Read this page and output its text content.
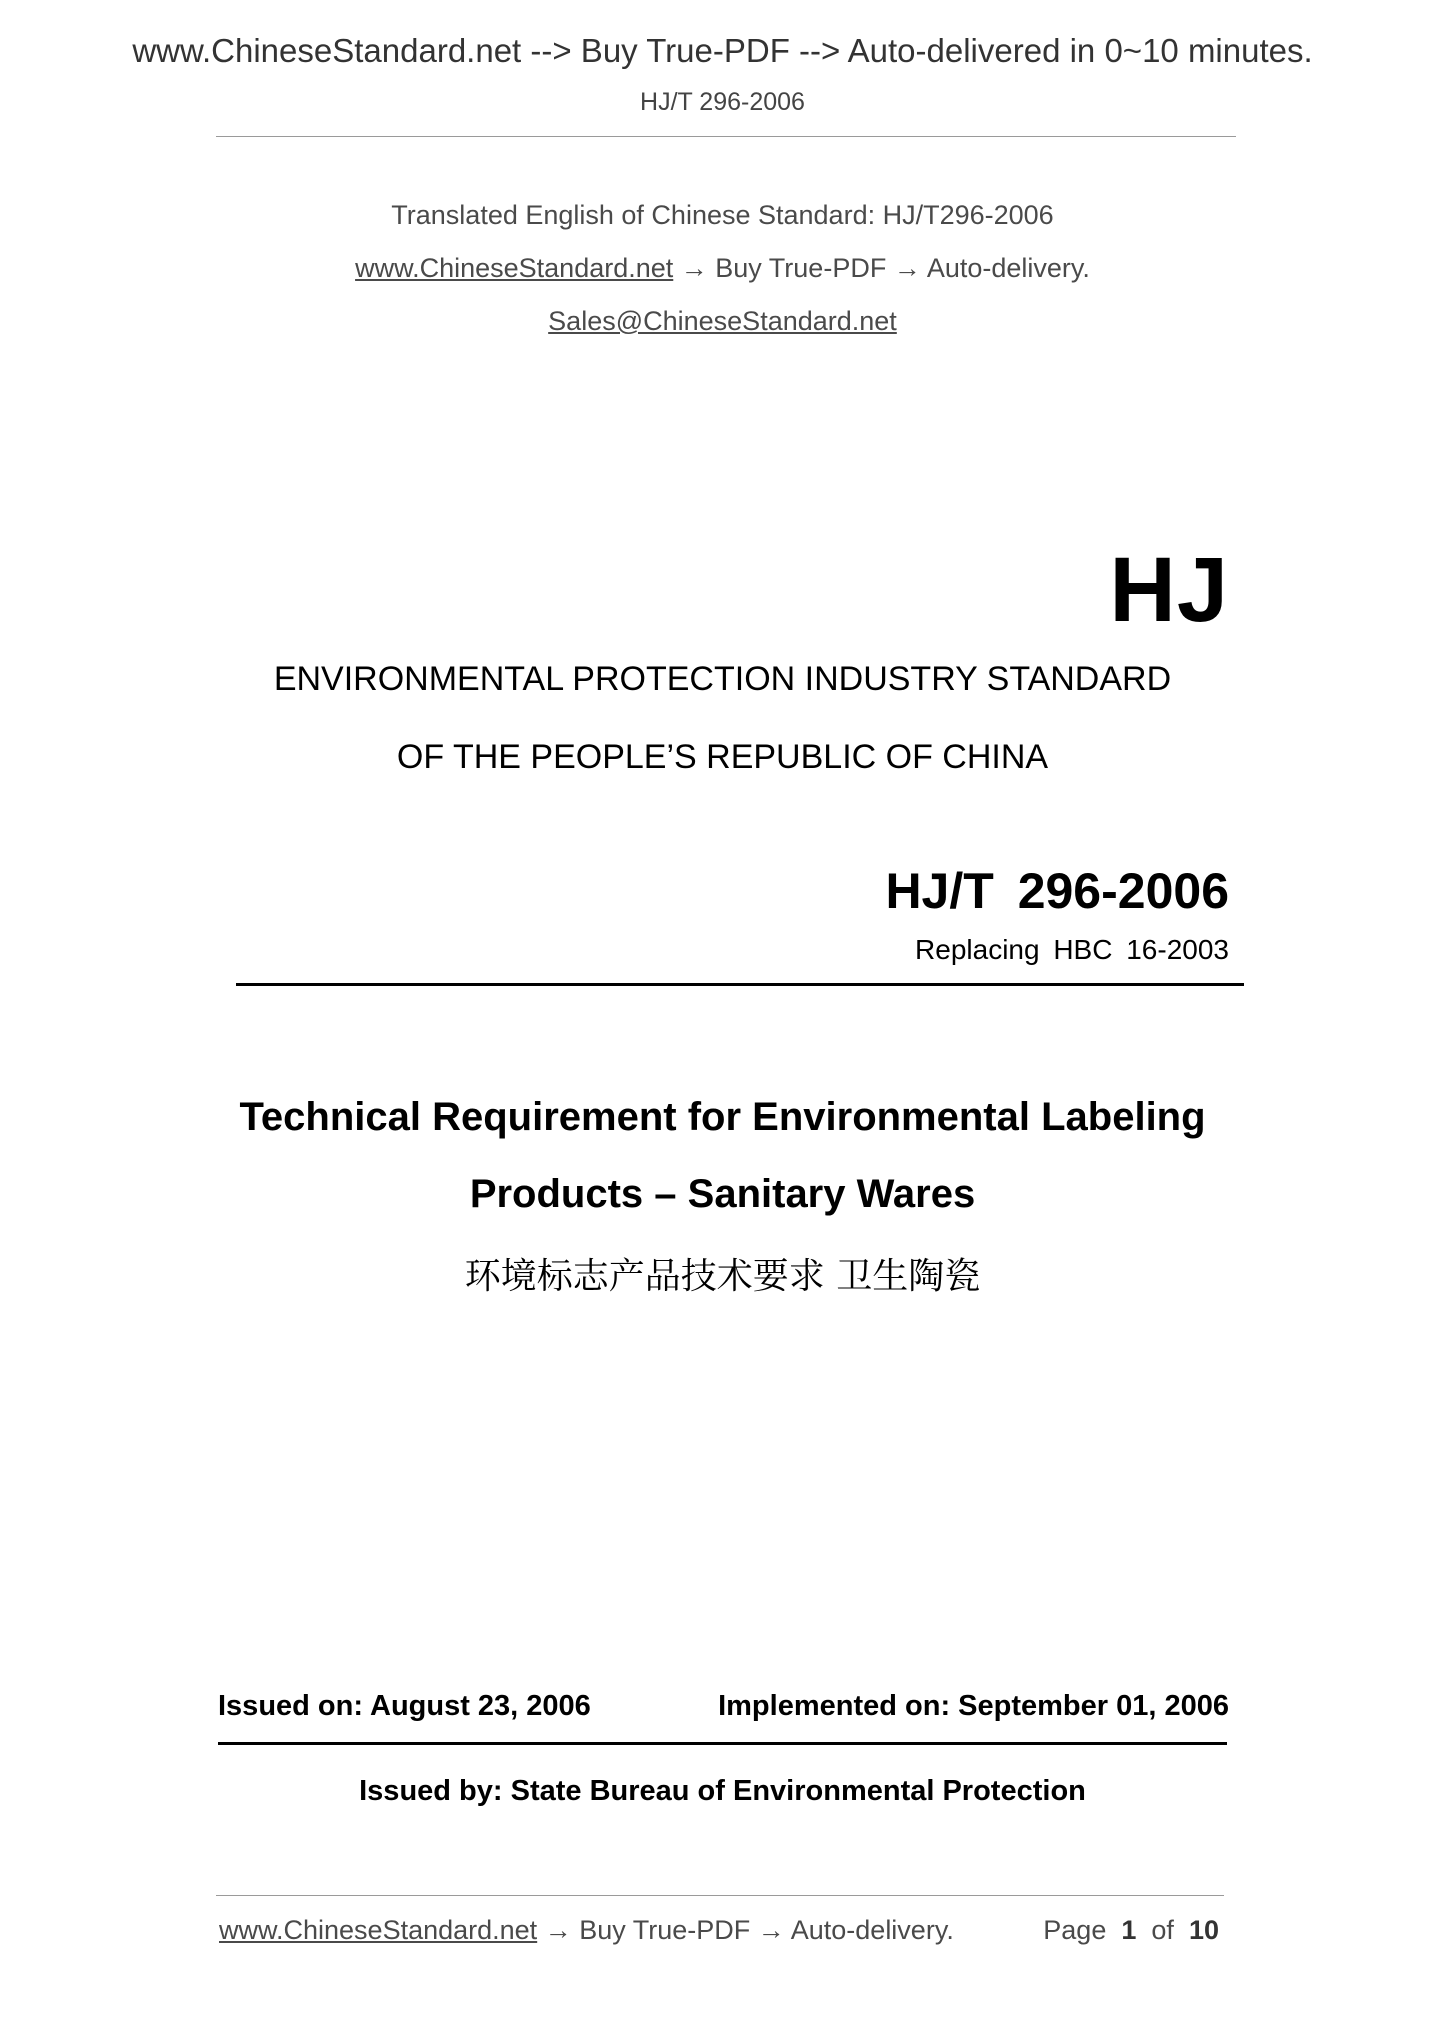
www.ChineseStandard.net --> Buy True-PDF --> Auto-delivered in 0~10 minutes.
HJ/T 296-2006
Translated English of Chinese Standard: HJ/T296-2006
www.ChineseStandard.net → Buy True-PDF → Auto-delivery.
Sales@ChineseStandard.net
HJ
ENVIRONMENTAL PROTECTION INDUSTRY STANDARD
OF THE PEOPLE’S REPUBLIC OF CHINA
HJ/T 296-2006
Replacing HBC 16-2003
Technical Requirement for Environmental Labeling
Products – Sanitary Wares
环境标志产品技术要求 卫生陶瓷
Issued on: August 23, 2006	Implemented on: September 01, 2006
Issued by: State Bureau of Environmental Protection
www.ChineseStandard.net → Buy True-PDF → Auto-delivery.	Page 1 of 10
